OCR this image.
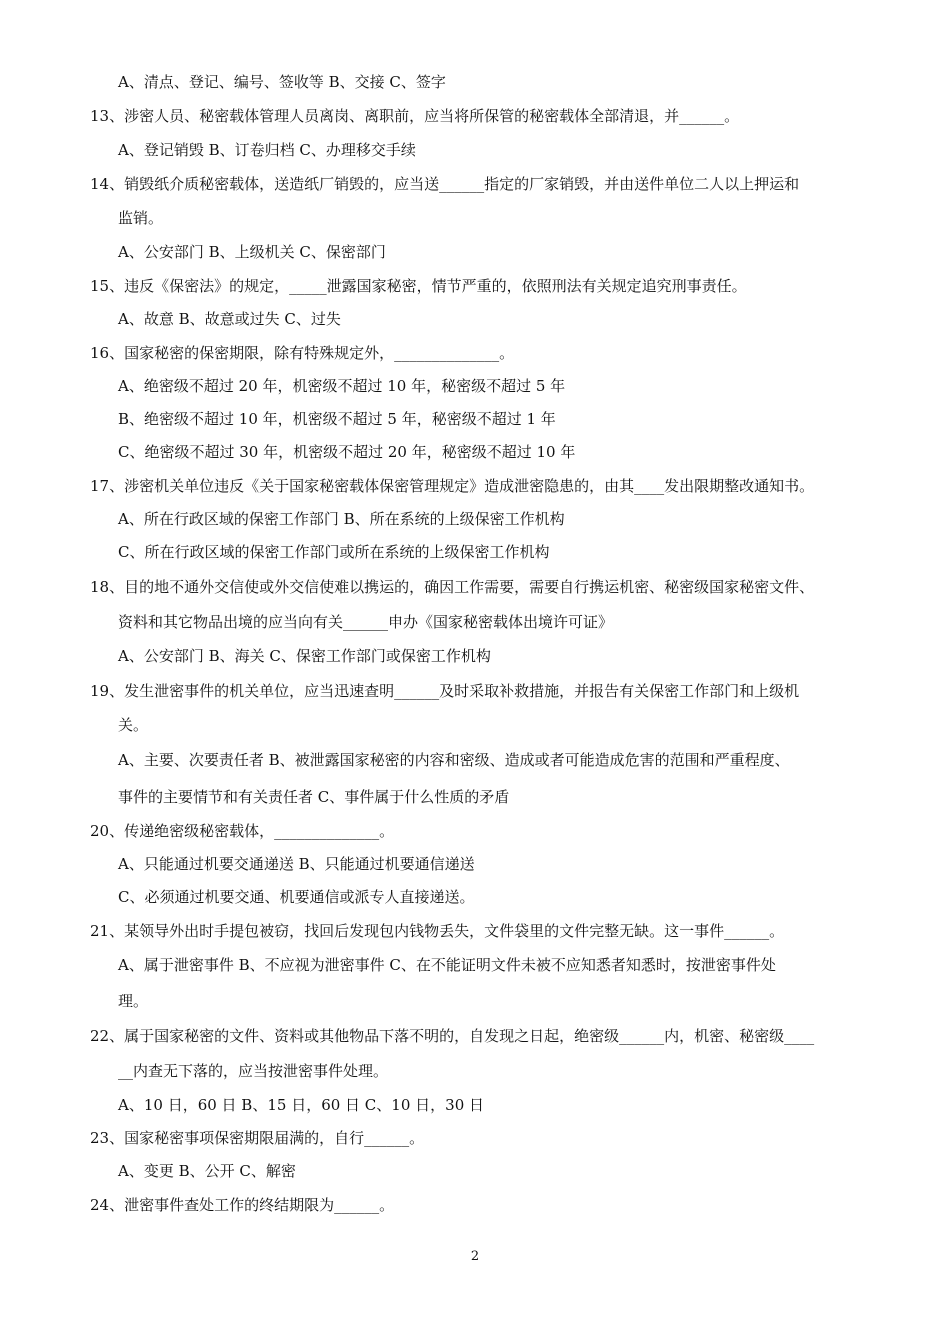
A、清点、登记、编号、签收等 B、交接 C、签字
13、涉密人员、秘密载体管理人员离岗、离职前，应当将所保管的秘密载体全部清退，并______。
A、登记销毁 B、订卷归档 C、办理移交手续
14、销毁纸介质秘密载体，送造纸厂销毁的，应当送______指定的厂家销毁，并由送件单位二人以上押运和
监销。
A、公安部门 B、上级机关 C、保密部门
15、违反《保密法》的规定，_____泄露国家秘密，情节严重的，依照刑法有关规定追究刑事责任。
A、故意 B、故意或过失 C、过失
16、国家秘密的保密期限，除有特殊规定外，______________。
A、绝密级不超过 20 年，机密级不超过 10 年，秘密级不超过 5 年
B、绝密级不超过 10 年，机密级不超过 5 年，秘密级不超过 1 年
C、绝密级不超过 30 年，机密级不超过 20 年，秘密级不超过 10 年
17、涉密机关单位违反《关于国家秘密载体保密管理规定》造成泄密隐患的，由其____发出限期整改通知书。
A、所在行政区域的保密工作部门 B、所在系统的上级保密工作机构
C、所在行政区域的保密工作部门或所在系统的上级保密工作机构
18、目的地不通外交信使或外交信使难以携运的，确因工作需要，需要自行携运机密、秘密级国家秘密文件、
资料和其它物品出境的应当向有关______申办《国家秘密载体出境许可证》
A、公安部门 B、海关 C、保密工作部门或保密工作机构
19、发生泄密事件的机关单位，应当迅速查明______及时采取补救措施，并报告有关保密工作部门和上级机
关。
A、主要、次要责任者 B、被泄露国家秘密的内容和密级、造成或者可能造成危害的范围和严重程度、
事件的主要情节和有关责任者 C、事件属于什么性质的矛盾
20、传递绝密级秘密载体，______________。
A、只能通过机要交通递送 B、只能通过机要通信递送
C、必须通过机要交通、机要通信或派专人直接递送。
21、某领导外出时手提包被窃，找回后发现包内钱物丢失，文件袋里的文件完整无缺。这一事件______。
A、属于泄密事件 B、不应视为泄密事件 C、在不能证明文件未被不应知悉者知悉时，按泄密事件处
理。
22、属于国家秘密的文件、资料或其他物品下落不明的，自发现之日起，绝密级______内，机密、秘密级____
__内查无下落的，应当按泄密事件处理。
A、10 日，60 日 B、15 日，60 日 C、10 日，30 日
23、国家秘密事项保密期限届满的，自行______。
A、变更 B、公开 C、解密
24、泄密事件查处工作的终结期限为______。
2
